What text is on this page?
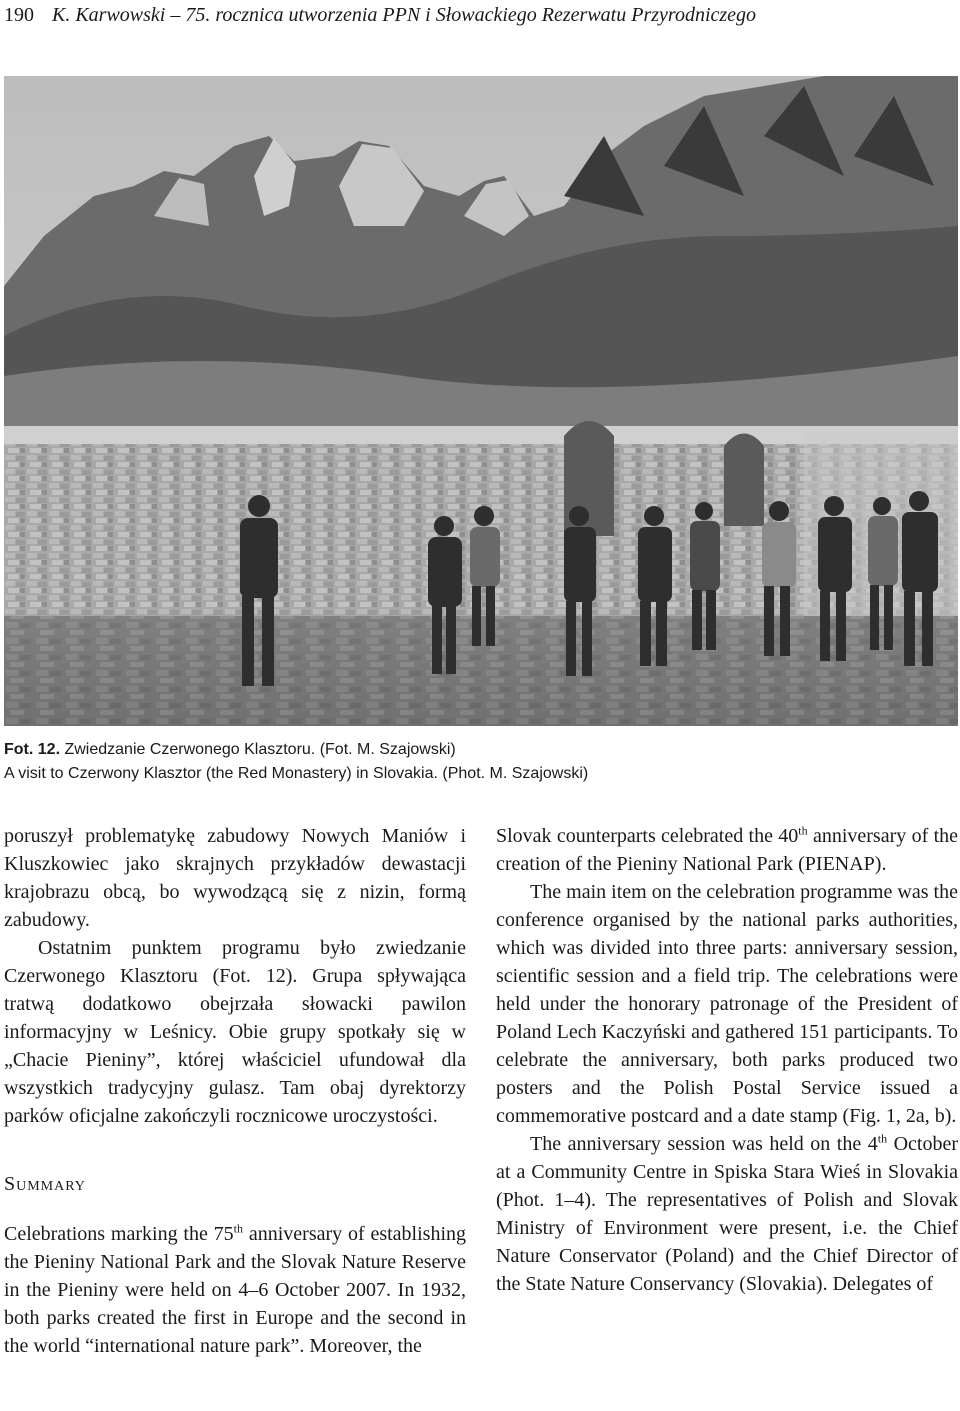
190 K. Karwowski – 75. rocznica utworzenia PPN i Słowackiego Rezerwatu Przyrodniczego
Fot. 12. Zwiedzanie Czerwonego Klasztoru. (Fot. M. Szajowski)
A visit to Czerwony Klasztor (the Red Monastery) in Slovakia. (Phot. M. Szajowski)

poruszył problematykę zabudowy Nowych Maniów i Kluszkowiec jako skrajnych przykładów dewastacji krajobrazu obcą, bo wywodzącą się z nizin, formą zabudowy.

Ostatnim punktem programu było zwiedzanie Czerwonego Klasztoru (Fot. 12). Grupa spływająca tratwą dodatkowo obejrzała słowacki pawilon informacyjny w Leśnicy. Obie grupy spotkały się w „Chacie Pieniny”, której właściciel ufundował dla wszystkich tradycyjny gulasz. Tam obaj dyrektorzy parków oficjalne zakończyli rocznicowe uroczystości.

Summary

Celebrations marking the 75th anniversary of establishing the Pieniny National Park and the Slovak Nature Reserve in the Pieniny were held on 4–6 October 2007. In 1932, both parks created the first in Europe and the second in the world “international nature park”. Moreover, the

Slovak counterparts celebrated the 40th anniversary of the creation of the Pieniny National Park (PIENAP).

The main item on the celebration programme was the conference organised by the national parks authorities, which was divided into three parts: anniversary session, scientific session and a field trip. The celebrations were held under the honorary patronage of the President of Poland Lech Kaczyński and gathered 151 participants. To celebrate the anniversary, both parks produced two posters and the Polish Postal Service issued a commemorative postcard and a date stamp (Fig. 1, 2a, b).

The anniversary session was held on the 4th October at a Community Centre in Spiska Stara Wieś in Slovakia (Phot. 1–4). The representatives of Polish and Slovak Ministry of Environment were present, i.e. the Chief Nature Conservator (Poland) and the Chief Director of the State Nature Conservancy (Slovakia). Delegates of
